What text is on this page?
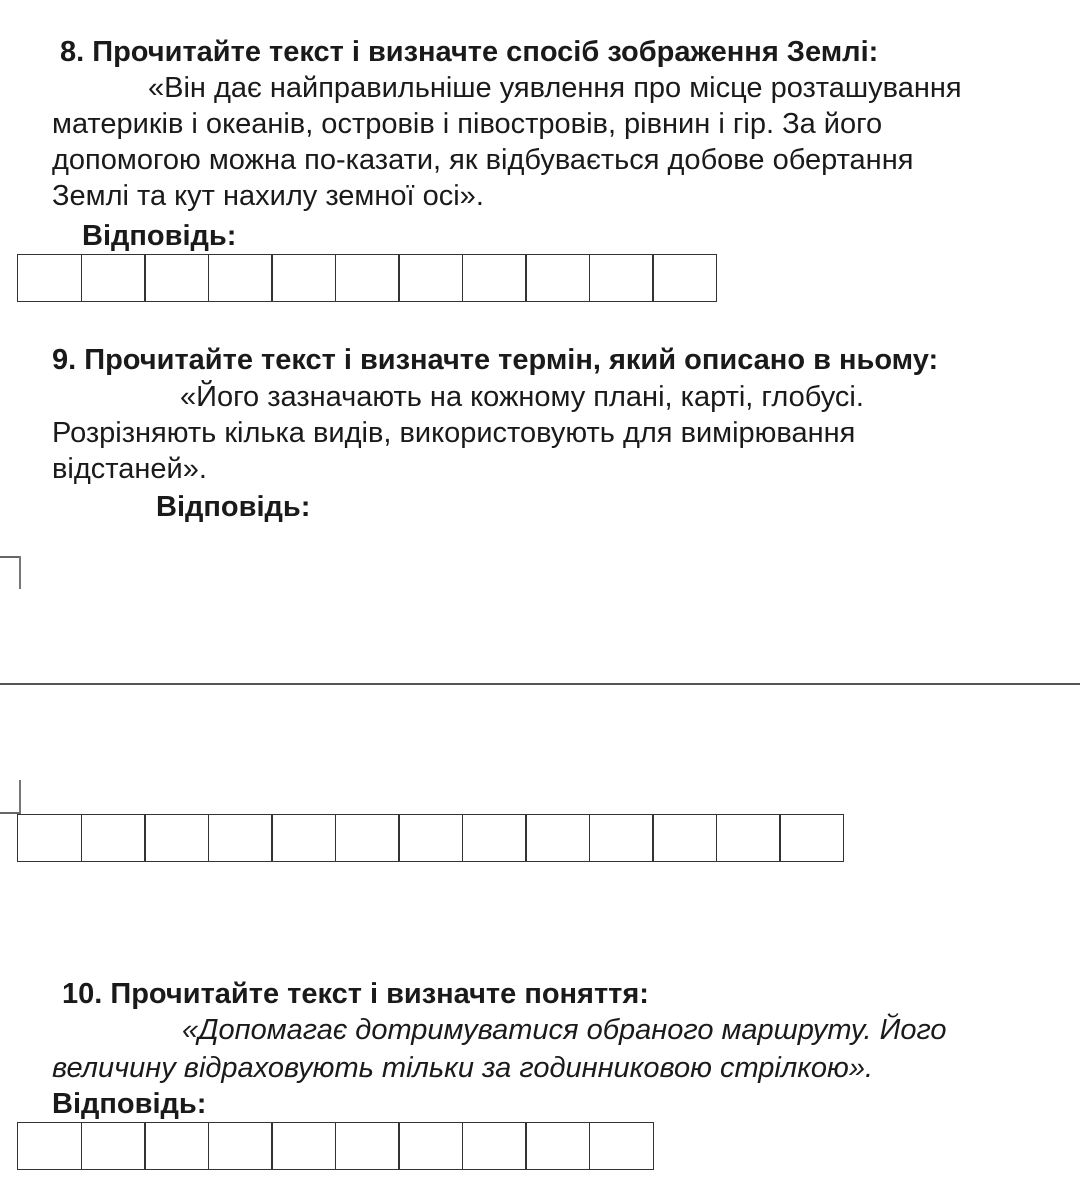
8. Прочитайте текст і визначте спосіб зображення Землі:
«Він дає найправильніше уявлення про місце розташування
материків і океанів, островів і півостровів, рівнин і гір. За його
допомогою можна по-казати, як відбувається добове обертання
Землі та кут нахилу земної осі».
Відповідь:
9. Прочитайте текст і визначте термін, який описано в ньому:
«Його зазначають на кожному плані, карті, глобусі.
Розрізняють кілька видів, використовують для вимірювання
відстаней».
Відповідь:
10. Прочитайте текст і визначте поняття:
«Допомагає дотримуватися обраного маршруту. Його
величину відраховують тільки за годинниковою стрілкою».
Відповідь:
